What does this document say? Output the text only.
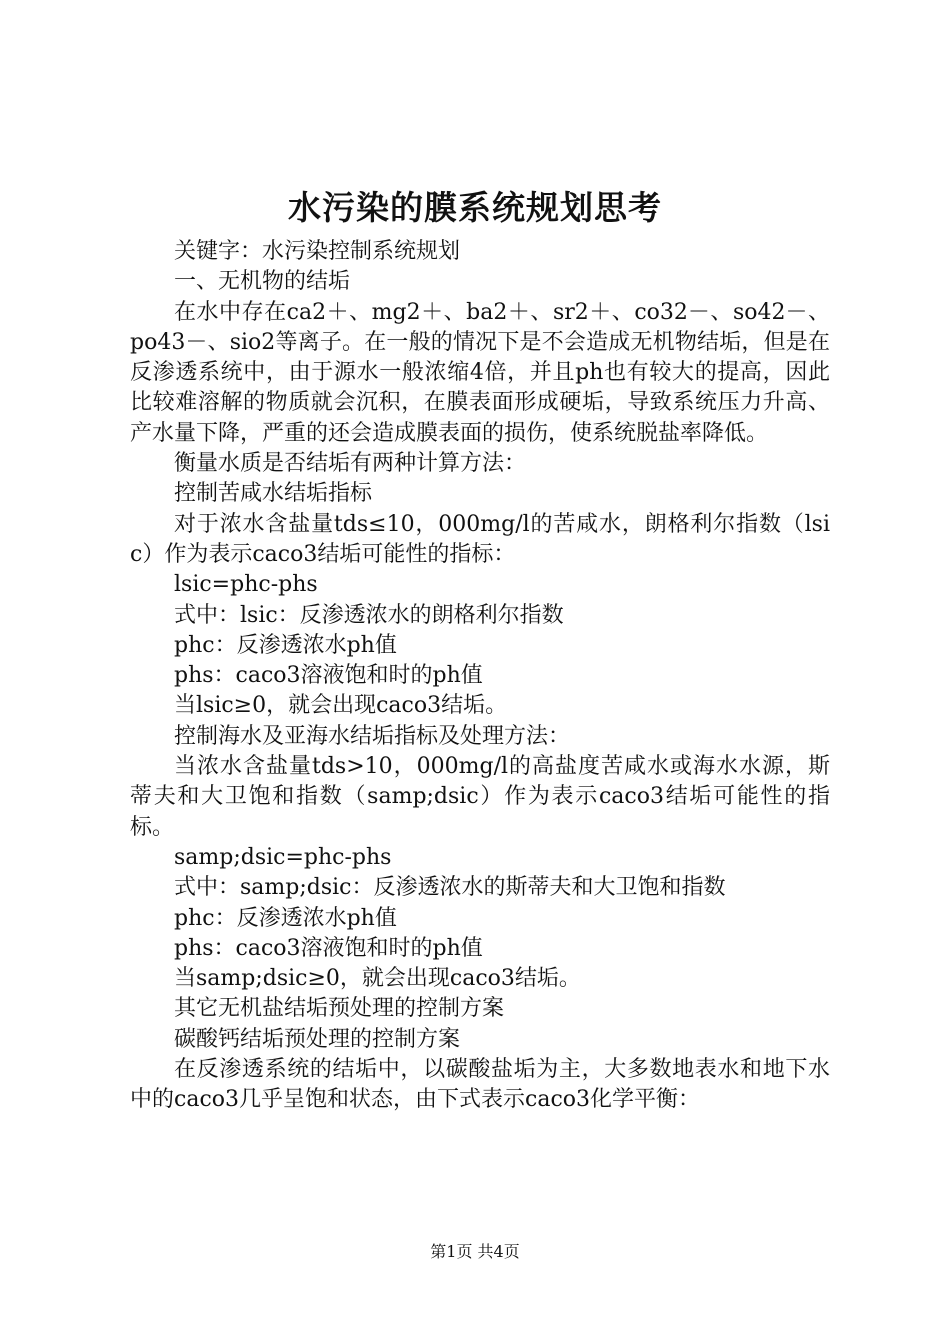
水污染的膜系统规划思考

关键字：水污染控制系统规划

一、无机物的结垢

在水中存在ca2＋、mg2＋、ba2＋、sr2＋、co32－、so42－、po43－、sio2等离子。在一般的情况下是不会造成无机物结垢，但是在反渗透系统中，由于源水一般浓缩4倍，并且ph也有较大的提高，因此比较难溶解的物质就会沉积，在膜表面形成硬垢，导致系统压力升高、产水量下降，严重的还会造成膜表面的损伤，使系统脱盐率降低。

衡量水质是否结垢有两种计算方法：

控制苦咸水结垢指标

对于浓水含盐量tds≤10，000mg/l的苦咸水，朗格利尔指数（lsic）作为表示caco3结垢可能性的指标：

lsic=phc-phs

式中：lsic：反渗透浓水的朗格利尔指数

phc：反渗透浓水ph值

phs：caco3溶液饱和时的ph值

当lsic≥0，就会出现caco3结垢。

控制海水及亚海水结垢指标及处理方法：

当浓水含盐量tds>10，000mg/l的高盐度苦咸水或海水水源，斯蒂夫和大卫饱和指数（samp;dsic）作为表示caco3结垢可能性的指标。

samp;dsic=phc-phs

式中：samp;dsic：反渗透浓水的斯蒂夫和大卫饱和指数

phc：反渗透浓水ph值

phs：caco3溶液饱和时的ph值

当samp;dsic≥0，就会出现caco3结垢。

其它无机盐结垢预处理的控制方案

碳酸钙结垢预处理的控制方案

在反渗透系统的结垢中，以碳酸盐垢为主，大多数地表水和地下水中的caco3几乎呈饱和状态，由下式表示caco3化学平衡：

第1页 共4页
